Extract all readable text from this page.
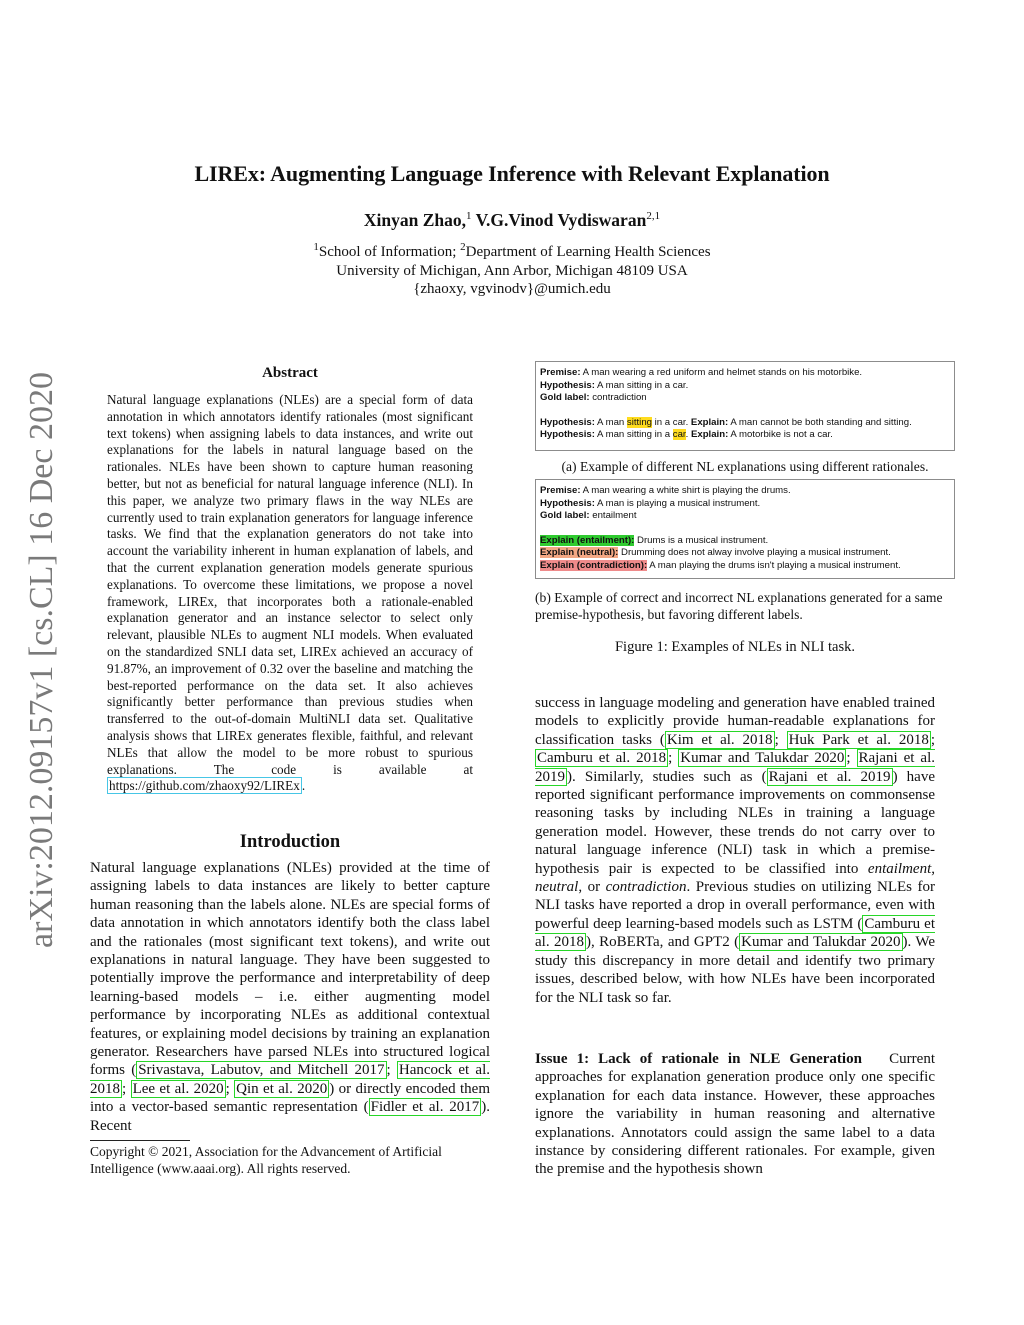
LIREx: Augmenting Language Inference with Relevant Explanation
Xinyan Zhao,$^1$ V.G.Vinod Vydiswaran$^{2,1}$
$^1$School of Information; $^2$Department of Learning Health Sciences
University of Michigan, Ann Arbor, Michigan 48109 USA
{zhaoxy, vgvinodv}@umich.edu
arXiv:2012.09157v1 [cs.CL] 16 Dec 2020	Abstract
Natural language explanations (NLEs) are a special form of data annotation in which annotators identify rationales (most significant text tokens) when assigning labels to data instances, and write out explanations for the labels in natural language based on the rationales. NLEs have been shown to capture human reasoning better, but not as beneficial for natural language inference (NLI). In this paper, we analyze two primary flaws in the way NLEs are currently used to train explanation generators for language inference tasks. We find that the explanation generators do not take into account the variability inherent in human explanation of labels, and that the current explanation generation models generate spurious explanations. To overcome these limitations, we propose a novel framework, LIREx, that incorporates both a rationale-enabled explanation generator and an instance selector to select only relevant, plausible NLEs to augment NLI models. When evaluated on the standardized SNLI data set, LIREx achieved an accuracy of 91.87%, an improvement of 0.32 over the baseline and matching the best-reported performance on the data set. It also achieves significantly better performance than previous studies when transferred to the out-of-domain MultiNLI data set. Qualitative analysis shows that LIREx generates flexible, faithful, and relevant NLEs that allow the model to be more robust to spurious explanations. The code is available at https://github.com/zhaoxy92/LIREx .
Introduction
Natural language explanations (NLEs) provided at the time of assigning labels to data instances are likely to better capture human reasoning than the labels alone. NLEs are special forms of data annotation in which annotators identify both the class label and the rationales (most significant text tokens), and write out explanations in natural language. They have been suggested to potentially improve the performance and interpretability of deep learning-based models – i.e. either augmenting model performance by incorporating NLEs as additional contextual features, or explaining model decisions by training an explanation generator. Researchers have parsed NLEs into structured logical forms ( Srivastava, Labutov, and Mitchell 2017 ; Hancock et al. 2018 ; Lee et al. 2020 ; Qin et al. 2020 ) or directly encoded them into a vector-based semantic representation ( Fidler et al. 2017 ). Recent
Copyright © 2021, Association for the Advancement of Artificial Intelligence (www.aaai.org). All rights reserved.
Premise: A man wearing a red uniform and helmet stands on his motorbike.
Hypothesis: A man sitting in a car.
Gold label: contradiction
Hypothesis: A man sitting in a car. Explain: A man cannot be both standing and sitting.
Hypothesis: A man sitting in a car. Explain: A motorbike is not a car.
(a) Example of different NL explanations using different rationales.
Premise: A man wearing a white shirt is playing the drums.
Hypothesis: A man is playing a musical instrument.
Gold label: entailment
Explain (entailment): Drums is a musical instrument.
Explain (neutral): Drumming does not alway involve playing a musical instrument.
Explain (contradiction): A man playing the drums isn't playing a musical instrument.
(b) Example of correct and incorrect NL explanations generated for a same premise-hypothesis, but favoring different labels.
Figure 1: Examples of NLEs in NLI task.
success in language modeling and generation have enabled trained models to explicitly provide human-readable explanations for classification tasks ( Kim et al. 2018 ; Huk Park et al. 2018 ; Camburu et al. 2018 ; Kumar and Talukdar 2020 ; Rajani et al. 2019 ). Similarly, studies such as ( Rajani et al. 2019 ) have reported significant performance improvements on commonsense reasoning tasks by including NLEs in training a language generation model. However, these trends do not carry over to natural language inference (NLI) task in which a premise-hypothesis pair is expected to be classified into entailment, neutral, or contradiction. Previous studies on utilizing NLEs for NLI tasks have reported a drop in overall performance, even with powerful deep learning-based models such as LSTM ( Camburu et al. 2018 ), RoBERTa, and GPT2 ( Kumar and Talukdar 2020 ). We study this discrepancy in more detail and identify two primary issues, described below, with how NLEs have been incorporated for the NLI task so far.
Issue 1: Lack of rationale in NLE Generation   Current approaches for explanation generation produce only one specific explanation for each data instance. However, these approaches ignore the variability in human reasoning and alternative explanations. Annotators could assign the same label to a data instance by considering different rationales. For example, given the premise and the hypothesis shown
